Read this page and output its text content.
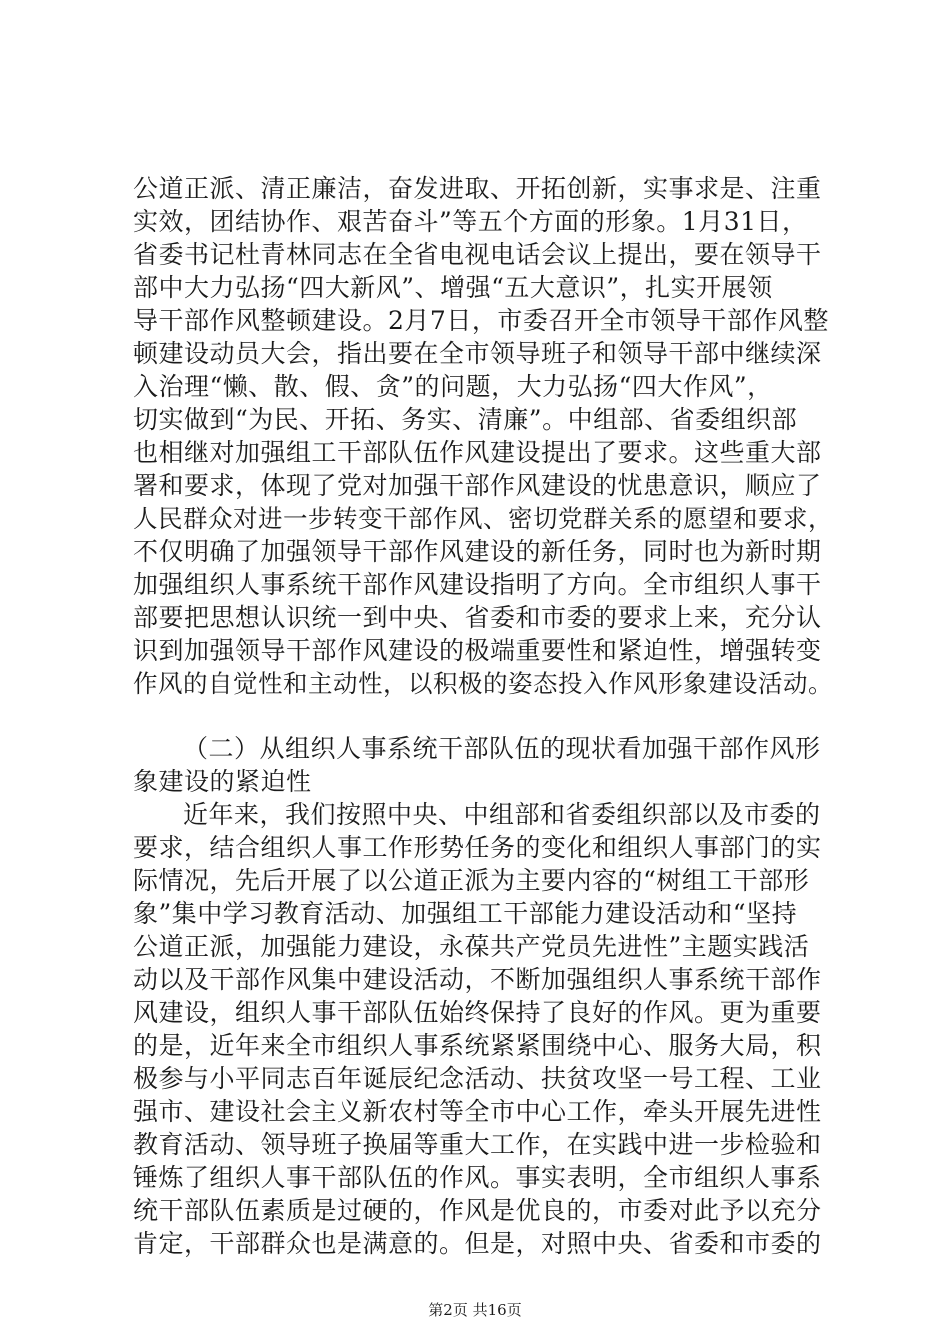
公道正派、清正廉洁，奋发进取、开拓创新，实事求是、注重
实效，团结协作、艰苦奋斗”等五个方面的形象。1月31日，
省委书记杜青林同志在全省电视电话会议上提出，要在领导干
部中大力弘扬“四大新风”、增强“五大意识”，扎实开展领
导干部作风整顿建设。2月7日，市委召开全市领导干部作风整
顿建设动员大会，指出要在全市领导班子和领导干部中继续深
入治理“懒、散、假、贪”的问题，大力弘扬“四大作风”，
切实做到“为民、开拓、务实、清廉”。中组部、省委组织部
也相继对加强组工干部队伍作风建设提出了要求。这些重大部
署和要求，体现了党对加强干部作风建设的忧患意识，顺应了
人民群众对进一步转变干部作风、密切党群关系的愿望和要求，
不仅明确了加强领导干部作风建设的新任务，同时也为新时期
加强组织人事系统干部作风建设指明了方向。全市组织人事干
部要把思想认识统一到中央、省委和市委的要求上来，充分认
识到加强领导干部作风建设的极端重要性和紧迫性，增强转变
作风的自觉性和主动性，以积极的姿态投入作风形象建设活动。
（二）从组织人事系统干部队伍的现状看加强干部作风形
象建设的紧迫性
近年来，我们按照中央、中组部和省委组织部以及市委的
要求，结合组织人事工作形势任务的变化和组织人事部门的实
际情况，先后开展了以公道正派为主要内容的“树组工干部形
象”集中学习教育活动、加强组工干部能力建设活动和“坚持
公道正派，加强能力建设，永葆共产党员先进性”主题实践活
动以及干部作风集中建设活动，不断加强组织人事系统干部作
风建设，组织人事干部队伍始终保持了良好的作风。更为重要
的是，近年来全市组织人事系统紧紧围绕中心、服务大局，积
极参与小平同志百年诞辰纪念活动、扶贫攻坚一号工程、工业
强市、建设社会主义新农村等全市中心工作，牵头开展先进性
教育活动、领导班子换届等重大工作，在实践中进一步检验和
锤炼了组织人事干部队伍的作风。事实表明，全市组织人事系
统干部队伍素质是过硬的，作风是优良的，市委对此予以充分
肯定，干部群众也是满意的。但是，对照中央、省委和市委的
第2页 共16页
